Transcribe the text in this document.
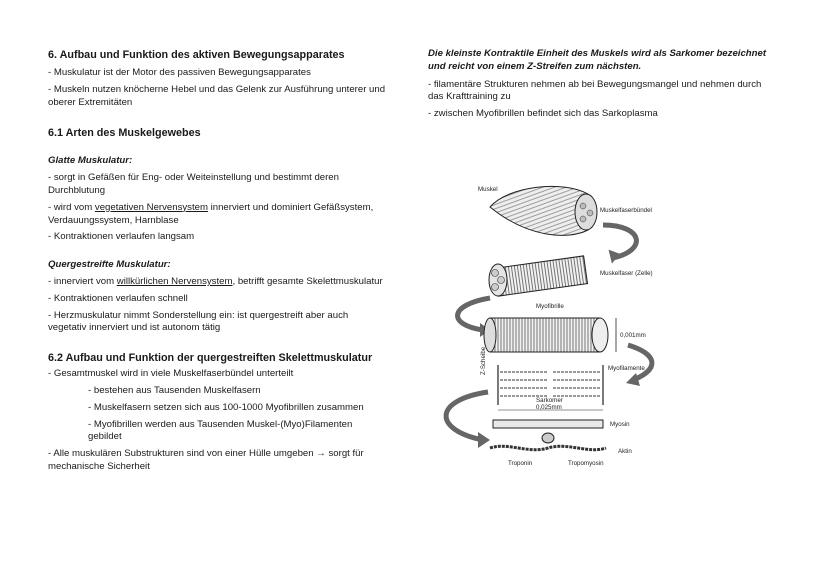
6. Aufbau und Funktion des aktiven Bewegungsapparates

- Muskulatur ist der Motor des passiven Bewegungsapparates

- Muskeln nutzen knöcherne Hebel und das Gelenk zur Ausführung unterer und oberer Extremitäten

6.1 Arten des Muskelgewebes

Glatte Muskulatur:

- sorgt in Gefäßen für Eng- oder Weiteinstellung und bestimmt deren Durchblutung

- wird vom vegetativen Nervensystem innerviert und dominiert Gefäßsystem, Verdauungssystem, Harnblase

- Kontraktionen verlaufen langsam

Quergestreifte Muskulatur:

- innerviert vom willkürlichen Nervensystem, betrifft gesamte Skelettmuskulatur

- Kontraktionen verlaufen schnell

- Herzmuskulatur nimmt Sonderstellung ein: ist quergestreift aber auch vegetativ innerviert und ist autonom tätig

6.2 Aufbau und Funktion der quergestreiften Skelettmuskulatur

- Gesamtmuskel wird in viele Muskelfaserbündel unterteilt

- bestehen aus Tausenden Muskelfasern

- Muskelfasern setzen sich aus 100-1000 Myofibrillen zusammen

- Myofibrillen werden aus Tausenden Muskel-(Myo)Filamenten gebildet

- Alle muskulären Substrukturen sind von einer Hülle umgeben → sorgt für mechanische Sicherheit

Die kleinste Kontraktile Einheit des Muskels wird als Sarkomer bezeichnet und reicht von einem Z-Streifen zum nächsten.

- filamentäre Strukturen nehmen ab bei Bewegungsmangel und nehmen durch das Krafttraining zu

- zwischen Myofibrillen befindet sich das Sarkoplasma

Muskel
Muskelfaserbündel
Muskelfaser (Zelle)
Myofibrille
0,001mm
Myofilamente
Z-Scheibe
Sarkomer
0,025mm
Myosin
Aktin
Troponin	Tropomyosin
